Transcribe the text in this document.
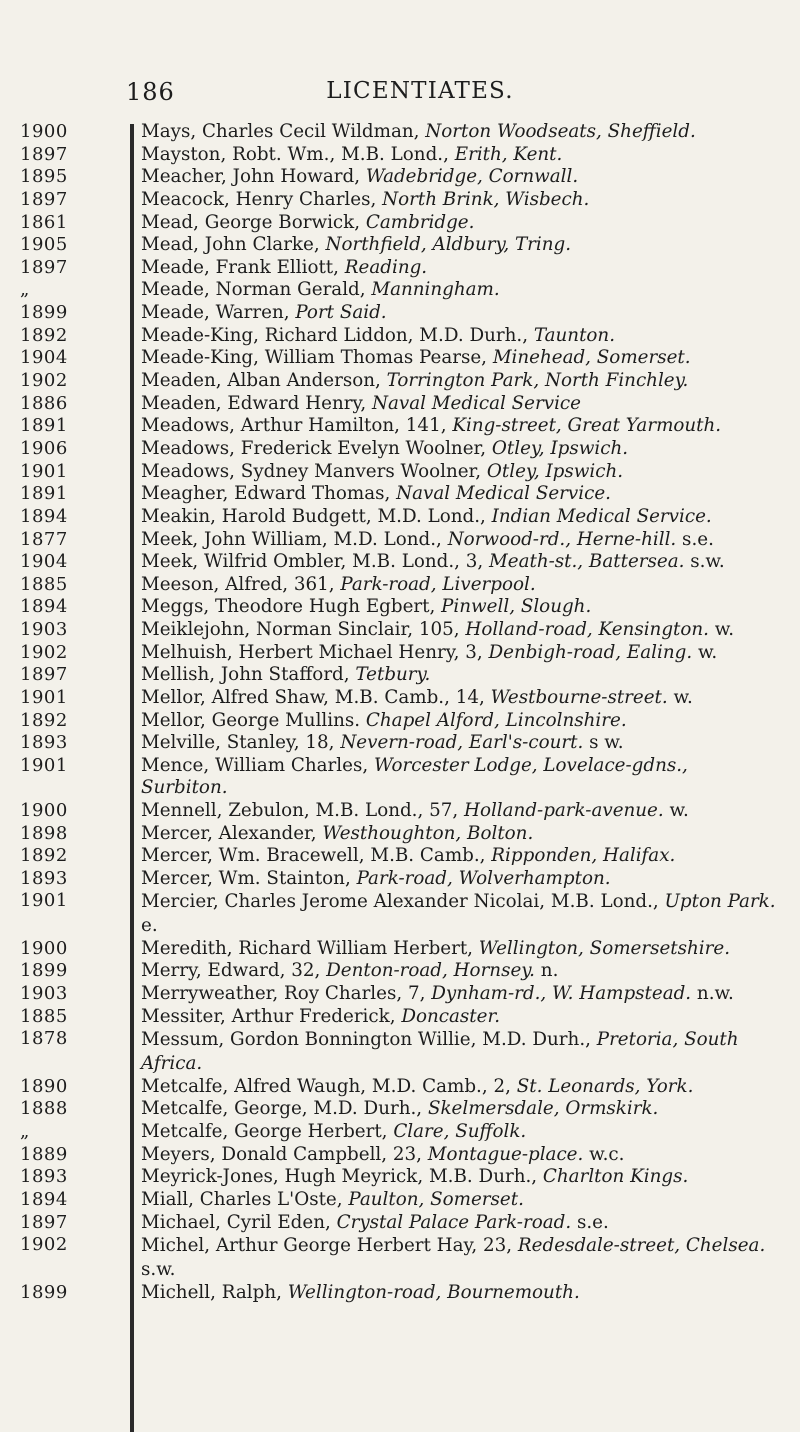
186	LICENTIATES.
1900	Mays, Charles Cecil Wildman, Norton Woodseats, Sheffield.
1897	Mayston, Robt. Wm., M.B. Lond., Erith, Kent.
1895	Meacher, John Howard, Wadebridge, Cornwall.
1897	Meacock, Henry Charles, North Brink, Wisbech.
1861	Mead, George Borwick, Cambridge.
1905	Mead, John Clarke, Northfield, Aldbury, Tring.
1897	Meade, Frank Elliott, Reading.
„	Meade, Norman Gerald, Manningham.
1899	Meade, Warren, Port Said.
1892	Meade-King, Richard Liddon, M.D. Durh., Taunton.
1904	Meade-King, William Thomas Pearse, Minehead, Somerset.
1902	Meaden, Alban Anderson, Torrington Park, North Finchley.
1886	Meaden, Edward Henry, Naval Medical Service
1891	Meadows, Arthur Hamilton, 141, King-street, Great Yarmouth.
1906	Meadows, Frederick Evelyn Woolner, Otley, Ipswich.
1901	Meadows, Sydney Manvers Woolner, Otley, Ipswich.
1891	Meagher, Edward Thomas, Naval Medical Service.
1894	Meakin, Harold Budgett, M.D. Lond., Indian Medical Service.
1877	Meek, John William, M.D. Lond., Norwood-rd., Herne-hill. s.e.
1904	Meek, Wilfrid Ombler, M.B. Lond., 3, Meath-st., Battersea. s.w.
1885	Meeson, Alfred, 361, Park-road, Liverpool.
1894	Meggs, Theodore Hugh Egbert, Pinwell, Slough.
1903	Meiklejohn, Norman Sinclair, 105, Holland-road, Kensington. w.
1902	Melhuish, Herbert Michael Henry, 3, Denbigh-road, Ealing. w.
1897	Mellish, John Stafford, Tetbury.
1901	Mellor, Alfred Shaw, M.B. Camb., 14, Westbourne-street. w.
1892	Mellor, George Mullins. Chapel Alford, Lincolnshire.
1893	Melville, Stanley, 18, Nevern-road, Earl's-court. s w.
1901	Mence, William Charles, Worcester Lodge, Lovelace-gdns., Surbiton.
1900	Mennell, Zebulon, M.B. Lond., 57, Holland-park-avenue. w.
1898	Mercer, Alexander, Westhoughton, Bolton.
1892	Mercer, Wm. Bracewell, M.B. Camb., Ripponden, Halifax.
1893	Mercer, Wm. Stainton, Park-road, Wolverhampton.
1901	Mercier, Charles Jerome Alexander Nicolai, M.B. Lond., Upton Park. e.
1900	Meredith, Richard William Herbert, Wellington, Somersetshire.
1899	Merry, Edward, 32, Denton-road, Hornsey. n.
1903	Merryweather, Roy Charles, 7, Dynham-rd., W. Hampstead. n.w.
1885	Messiter, Arthur Frederick, Doncaster.
1878	Messum, Gordon Bonnington Willie, M.D. Durh., Pretoria, South Africa.
1890	Metcalfe, Alfred Waugh, M.D. Camb., 2, St. Leonards, York.
1888	Metcalfe, George, M.D. Durh., Skelmersdale, Ormskirk.
„	Metcalfe, George Herbert, Clare, Suffolk.
1889	Meyers, Donald Campbell, 23, Montague-place. w.c.
1893	Meyrick-Jones, Hugh Meyrick, M.B. Durh., Charlton Kings.
1894	Miall, Charles L'Oste, Paulton, Somerset.
1897	Michael, Cyril Eden, Crystal Palace Park-road. s.e.
1902	Michel, Arthur George Herbert Hay, 23, Redesdale-street, Chelsea. s.w.
1899	Michell, Ralph, Wellington-road, Bournemouth.
